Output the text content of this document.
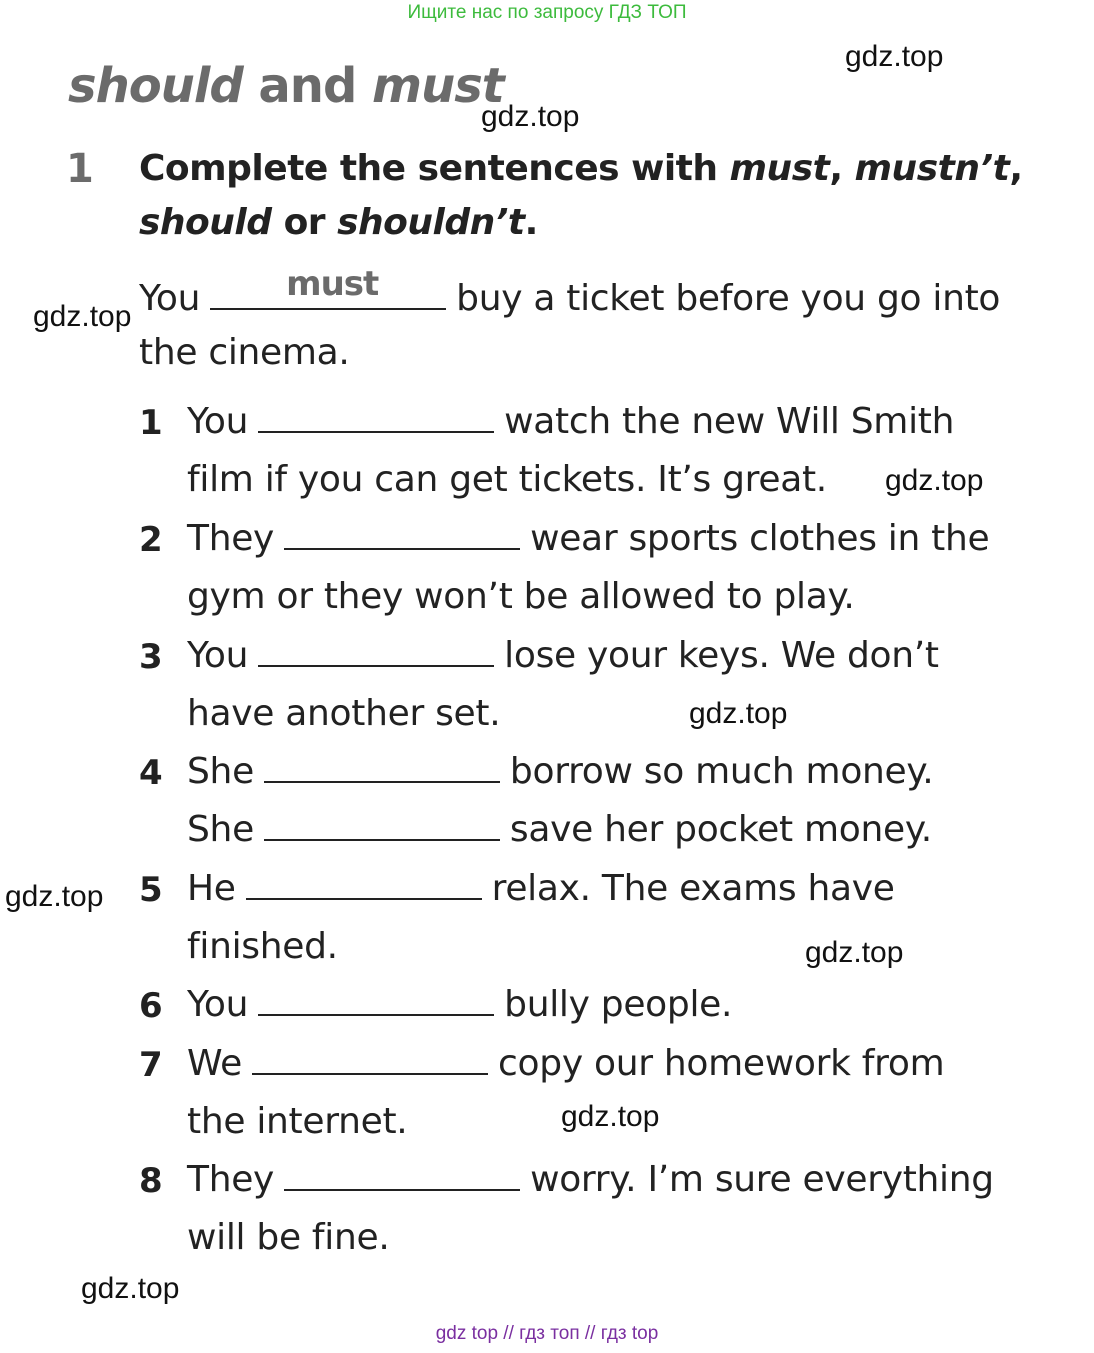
Ищите нас по запросу ГДЗ ТОП
should and must
1 Complete the sentences with must, mustn’t,
should or shouldn’t.
You	must buy a ticket before you go into
the cinema.
1 You	watch the new Will Smith
film if you can get tickets. It’s great.
2 They	wear sports clothes in the
gym or they won’t be allowed to play.
3 You	lose your keys. We don’t
have another set.
4 She	borrow so much money.
She	save her pocket money.
5 He	relax. The exams have
finished.
6 You	bully people.
7 We	copy our homework from
the internet.
8 They	worry. I’m sure everything
will be fine.
gdz.top
gdz.top
gdz.top
gdz.top
gdz.top
gdz.top
gdz.top
gdz.top
gdz.top
gdz top // гдз топ // гдз top
